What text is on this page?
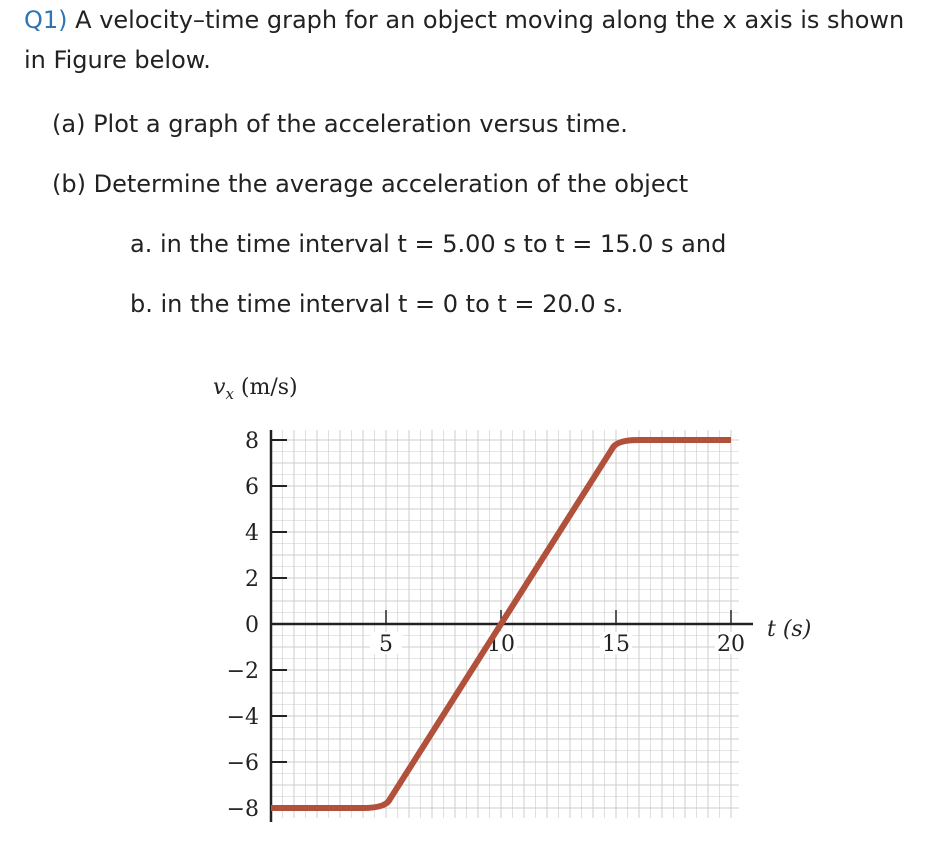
Q1) A velocity–time graph for an object moving along the x axis is shown
in Figure below.
(a) Plot a graph of the acceleration versus time.
(b) Determine the average acceleration of the object
a. in the time interval t = 5.00 s to t = 15.0 s and
b. in the time interval t = 0 to t = 20.0 s.
8
6
4
2
0
−2
−4
−6
−8
5	10	15	20
$v_x$ (m/s)
t (s)
